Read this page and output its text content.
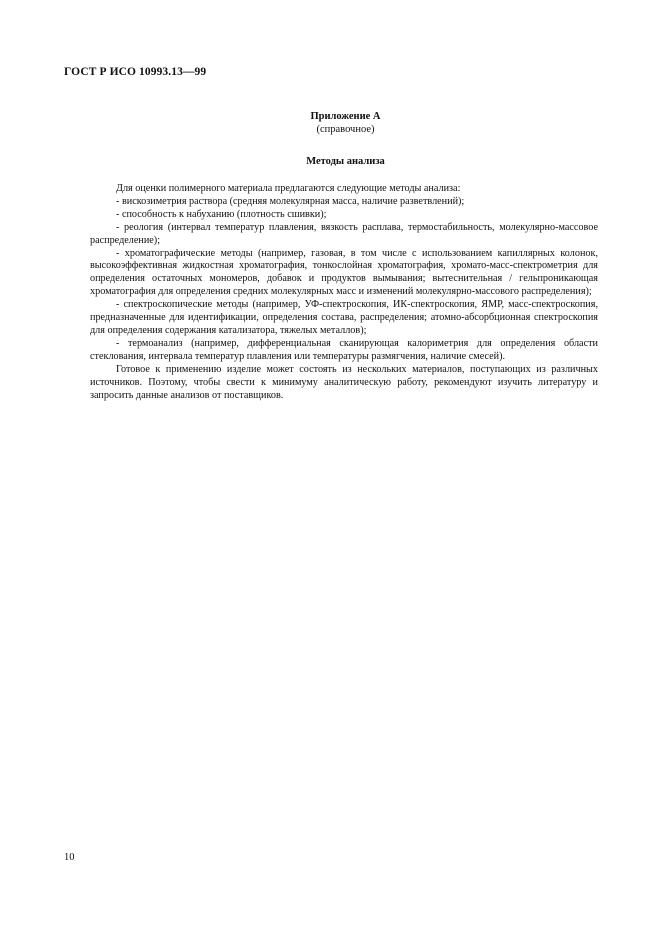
ГОСТ Р ИСО 10993.13—99
Приложение А
(справочное)
Методы анализа

Для оценки полимерного материала предлагаются следующие методы анализа:

- вискозиметрия раствора (средняя молекулярная масса, наличие разветвлений);

- способность к набуханию (плотность сшивки);

- реология (интервал температур плавления, вязкость расплава, термостабильность, молекулярно-массовое распределение);

- хроматографические методы (например, газовая, в том числе с использованием капиллярных колонок, высокоэффективная жидкостная хроматография, тонкослойная хроматография, хромато-масс-спектрометрия для определения остаточных мономеров, добавок и продуктов вымывания; вытеснительная / гельпроникающая хроматография для определения средних молекулярных масс и изменений молекулярно-массового распределения);

- спектроскопические методы (например, УФ-спектроскопия, ИК-спектроскопия, ЯМР, масс-спектроскопия, предназначенные для идентификации, определения состава, распределения; атомно-абсорбционная спектроскопия для определения содержания катализатора, тяжелых металлов);

- термоанализ (например, дифференциальная сканирующая калориметрия для определения области стеклования, интервала температур плавления или температуры размягчения, наличие смесей).

Готовое к применению изделие может состоять из нескольких материалов, поступающих из различных источников. Поэтому, чтобы свести к минимуму аналитическую работу, рекомендуют изучить литературу и запросить данные анализов от поставщиков.

10
